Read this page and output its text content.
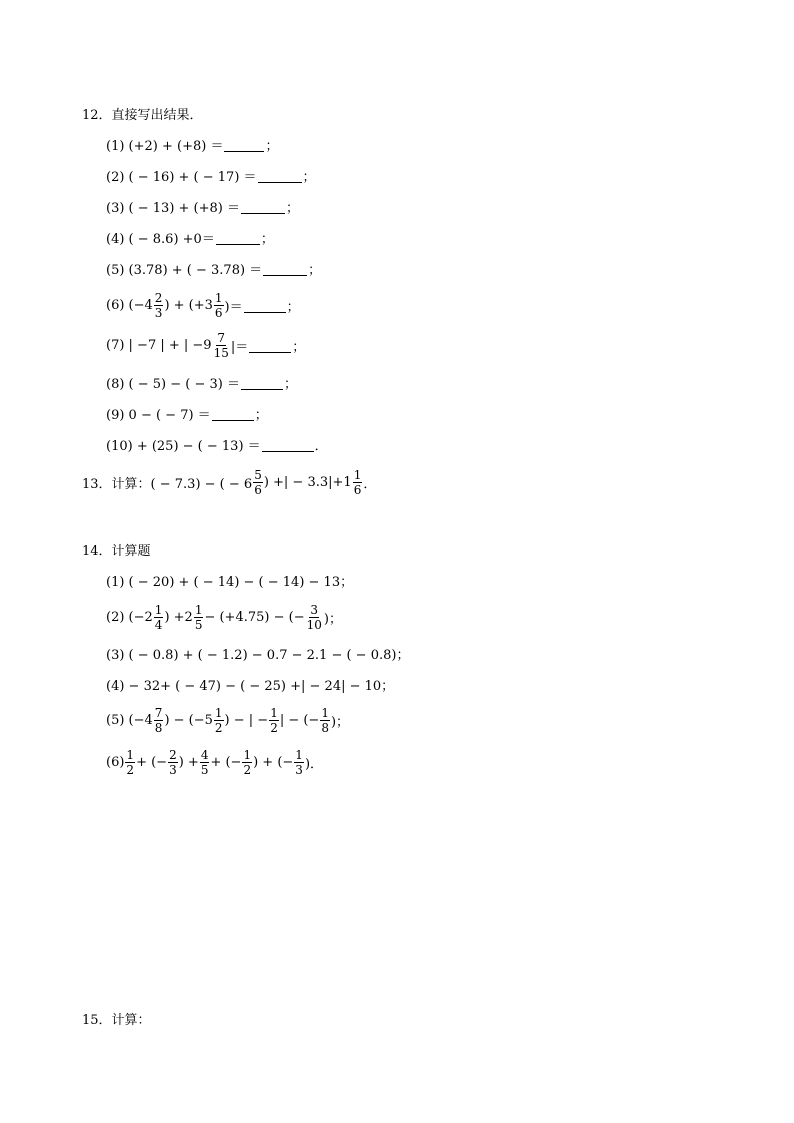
12．直接写出结果．
(1) (+2) + (+8) ＝	；
(2) ( − 16) + ( − 17) ＝	；
(3) ( − 13) + (+8) ＝	；
(4) ( − 8.6) +0＝	；
(5) (3.78) + ( − 3.78) ＝	；
(6) ($-4 \frac{2}{3}$ ) + ($+3 \frac{1}{6}$ )＝	；
(7) | −7 | + | $-9 \frac{7}{15}$ |＝	；
(8) ( − 5) − ( − 3) ＝	；
(9) 0 − ( − 7) ＝	；
(10) + (25) − ( − 13) ＝	．
13．计算：( − 7.3) − ( − $6 \frac{5}{6}$ ) +| − $3.3|+1 \frac{1}{6}$ ．
14．计算题
(1) ( − 20) + ( − 14) − ( − 14) − 13；
(2) ($-2 \frac{1}{4}$ ) $+2 \frac{1}{5} - (+4.75)$ − (− $\frac{3}{10}$ )；
(3) ( − 0.8) + ( − 1.2) − 0.7 − 2.1 − ( − 0.8)；
(4) − 32+ ( − 47) − ( − 25) +| − 24| − 10；
(5) ($-4 \frac{7}{8}$ ) − ($-5 \frac{1}{2}$ ) − | − $\frac{1}{2}$ | − (− $\frac{1}{8}$ )；
$(6) \frac{1}{2}$ + (− $\frac{2}{3}$ ) + $\frac{4}{5}$ + (− $\frac{1}{2}$ ) + (− $\frac{1}{3}$ )．
15．计算：
